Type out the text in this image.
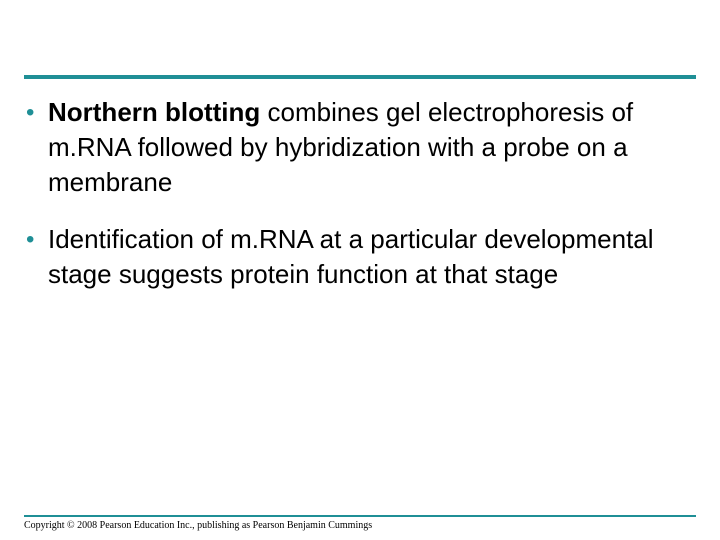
• Northern blotting combines gel electrophoresis of m.RNA followed by hybridization with a probe on a membrane
• Identification of m.RNA at a particular developmental stage suggests protein function at that stage
Copyright © 2008 Pearson Education Inc., publishing as Pearson Benjamin Cummings
